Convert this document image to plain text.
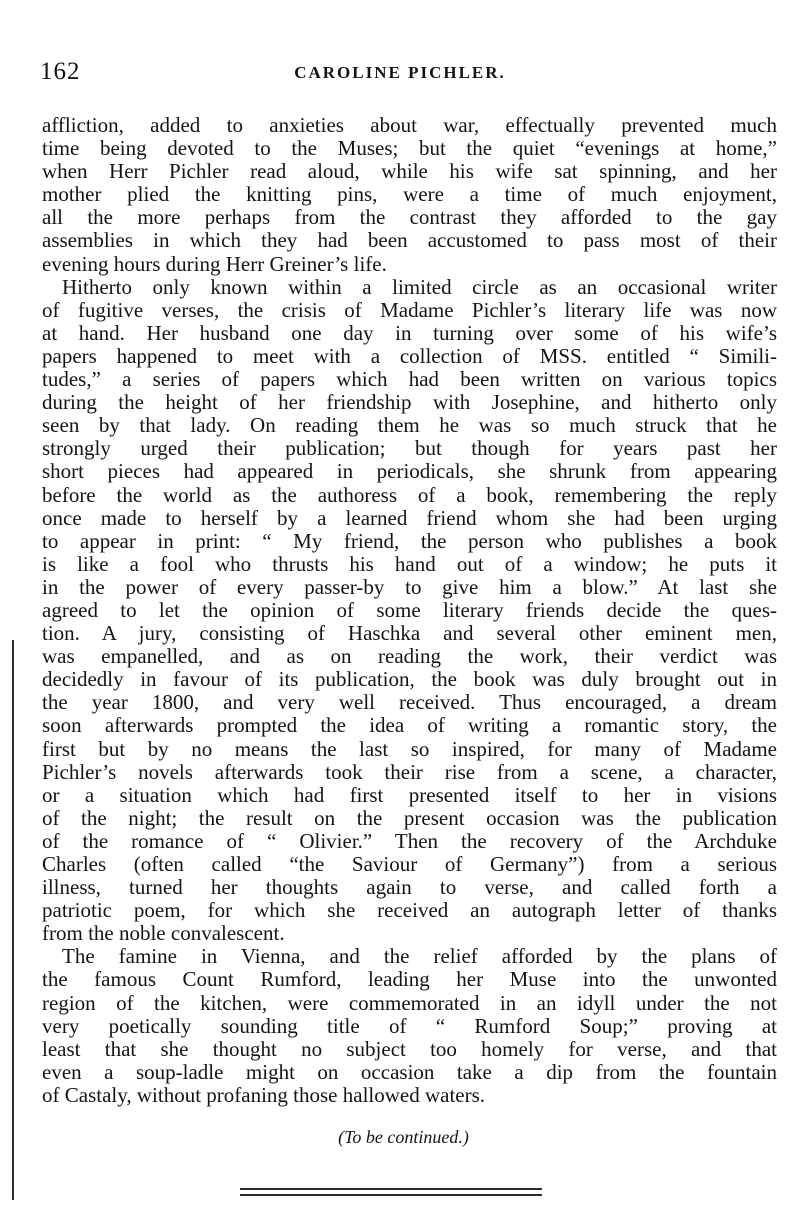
162	CAROLINE PICHLER.
affliction, added to anxieties about war, effectually prevented much
time being devoted to the Muses; but the quiet “evenings at home,”
when Herr Pichler read aloud, while his wife sat spinning, and her
mother plied the knitting pins, were a time of much enjoyment,
all the more perhaps from the contrast they afforded to the gay
assemblies in which they had been accustomed to pass most of their
evening hours during Herr Greiner’s life.
Hitherto only known within a limited circle as an occasional writer
of fugitive verses, the crisis of Madame Pichler’s literary life was now
at hand. Her husband one day in turning over some of his wife’s
papers happened to meet with a collection of MSS. entitled “ Simili-
tudes,” a series of papers which had been written on various topics
during the height of her friendship with Josephine, and hitherto only
seen by that lady. On reading them he was so much struck that he
strongly urged their publication; but though for years past her
short pieces had appeared in periodicals, she shrunk from appearing
before the world as the authoress of a book, remembering the reply
once made to herself by a learned friend whom she had been urging
to appear in print: “ My friend, the person who publishes a book
is like a fool who thrusts his hand out of a window; he puts it
in the power of every passer-by to give him a blow.” At last she
agreed to let the opinion of some literary friends decide the ques-
tion. A jury, consisting of Haschka and several other eminent men,
was empanelled, and as on reading the work, their verdict was
decidedly in favour of its publication, the book was duly brought out in
the year 1800, and very well received. Thus encouraged, a dream
soon afterwards prompted the idea of writing a romantic story, the
first but by no means the last so inspired, for many of Madame
Pichler’s novels afterwards took their rise from a scene, a character,
or a situation which had first presented itself to her in visions
of the night; the result on the present occasion was the publication
of the romance of “ Olivier.” Then the recovery of the Archduke
Charles (often called “the Saviour of Germany”) from a serious
illness, turned her thoughts again to verse, and called forth a
patriotic poem, for which she received an autograph letter of thanks
from the noble convalescent.
The famine in Vienna, and the relief afforded by the plans of
the famous Count Rumford, leading her Muse into the unwonted
region of the kitchen, were commemorated in an idyll under the not
very poetically sounding title of “ Rumford Soup;” proving at
least that she thought no subject too homely for verse, and that
even a soup-ladle might on occasion take a dip from the fountain
of Castaly, without profaning those hallowed waters.
(To be continued.)
